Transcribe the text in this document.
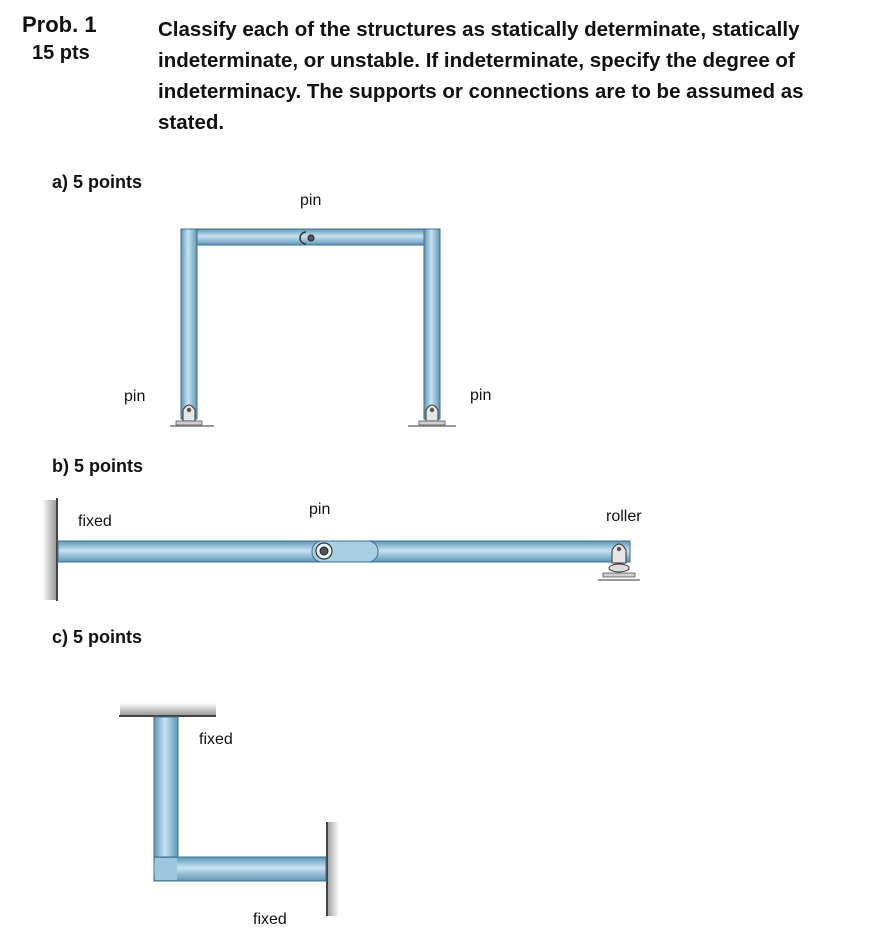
Prob. 1
15 pts
Classify each of the structures as statically determinate, statically indeterminate, or unstable. If indeterminate, specify the degree of indeterminacy. The supports or connections are to be assumed as stated.
a) 5 points
b) 5 points
c) 5 points
pin
pin	pin
fixed
pin	roller
fixed
fixed
